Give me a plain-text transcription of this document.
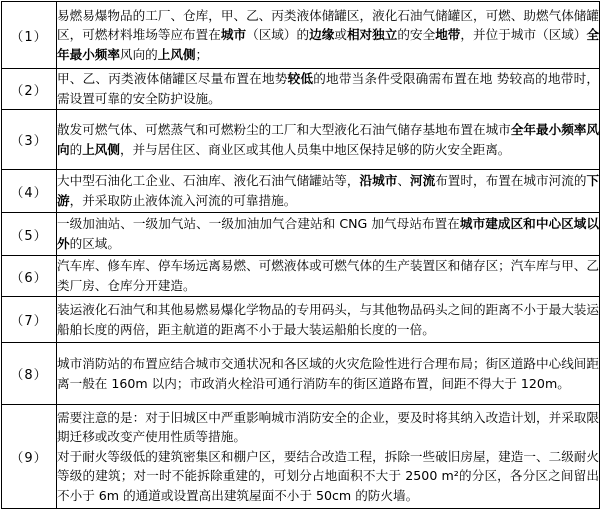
（1）	易燃易爆物品的工厂、仓库，甲、乙、丙类液体储罐区，液化石油气储罐区，可燃、助燃气体储罐区，可燃材料堆场等应布置在城市（区域）的边缘或相对独立的安全地带，并位于城市（区域）全年最小频率风向的上风侧；
（2）	甲、乙、丙类液体储罐区尽量布置在地势较低的地带当条件受限确需布置在地 势较高的地带时，需设置可靠的安全防护设施。
（3）	散发可燃气体、可燃蒸气和可燃粉尘的工厂和大型液化石油气储存基地布置在城市全年最小频率风向的上风侧，并与居住区、商业区或其他人员集中地区保持足够的防火安全距离。
（4）	大中型石油化工企业、石油库、液化石油气储罐站等，沿城市、河流布置时，布置在城市河流的下游，并采取防止液体流入河流的可靠措施。
（5）	一级加油站、一级加气站、一级加油加气合建站和 CNG 加气母站布置在城市建成区和中心区域以外的区域。
（6）	汽车库、修车库、停车场远离易燃、可燃液体或可燃气体的生产装置区和储存区；汽车库与甲、乙类厂房、仓库分开建造。
（7）	装运液化石油气和其他易燃易爆化学物品的专用码头，与其他物品码头之间的距离不小于最大装运船舶长度的两倍，距主航道的距离不小于最大装运船舶长度的一倍。
（8）	城市消防站的布置应结合城市交通状况和各区域的火灾危险性进行合理布局；街区道路中心线间距离一般在 160m 以内；市政消火栓沿可通行消防车的街区道路布置，间距不得大于 120m。
（9）	需要注意的是：对于旧城区中严重影响城市消防安全的企业，要及时将其纳入改造计划，并采取限期迁移或改变产使用性质等措施。
对于耐火等级低的建筑密集区和棚户区，要结合改造工程，拆除一些破旧房屋，建造一、二级耐火等级的建筑；对一时不能拆除重建的，可划分占地面积不大于 2500 m²的分区，各分区之间留出不小于 6m 的通道或设置高出建筑屋面不小于 50cm 的防火墙。
